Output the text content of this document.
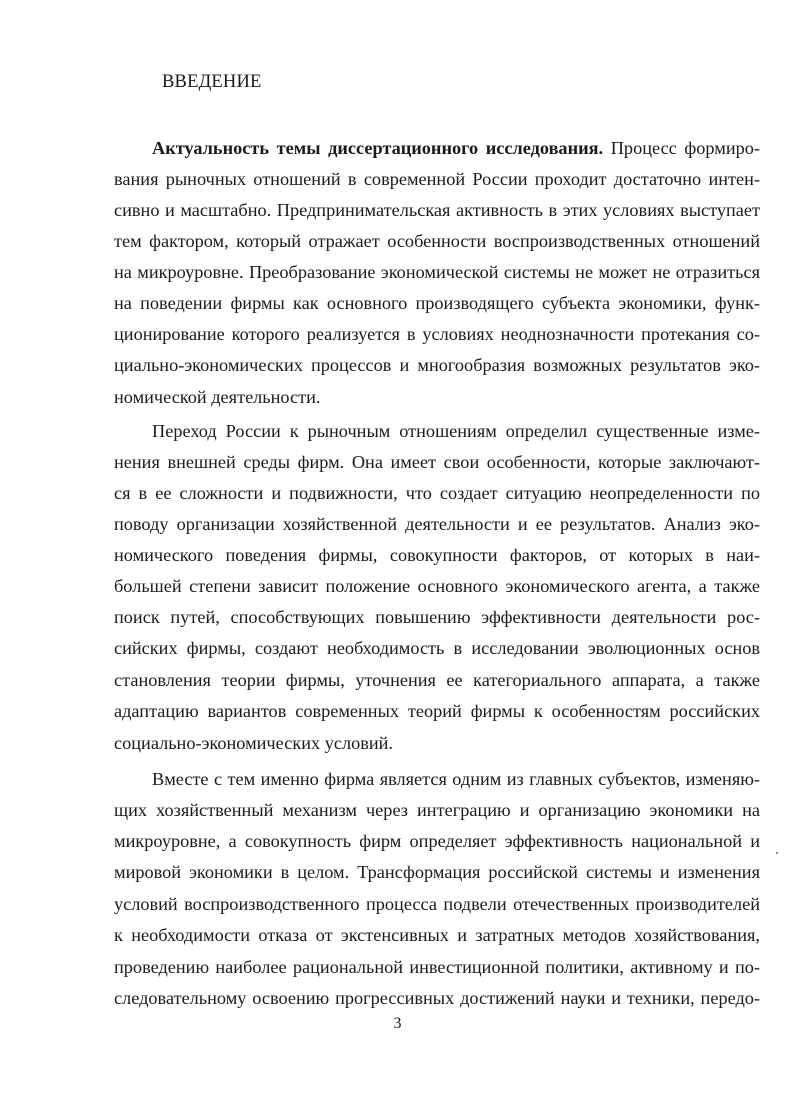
ВВЕДЕНИЕ
Актуальность темы диссертационного исследования. Процесс формиро-
вания рыночных отношений в современной России проходит достаточно интен-
сивно и масштабно. Предпринимательская активность в этих условиях выступает
тем фактором, который отражает особенности воспроизводственных отношений
на микроуровне. Преобразование экономической системы не может не отразиться
на поведении фирмы как основного производящего субъекта экономики, функ-
ционирование которого реализуется в условиях неоднозначности протекания со-
циально-экономических процессов и многообразия возможных результатов эко-
номической деятельности.
Переход России к рыночным отношениям определил существенные изме-
нения внешней среды фирм. Она имеет свои особенности, которые заключают-
ся в ее сложности и подвижности, что создает ситуацию неопределенности по
поводу организации хозяйственной деятельности и ее результатов. Анализ эко-
номического поведения фирмы, совокупности факторов, от которых в наи-
большей степени зависит положение основного экономического агента, а также
поиск путей, способствующих повышению эффективности деятельности рос-
сийских фирмы, создают необходимость в исследовании эволюционных основ
становления теории фирмы, уточнения ее категориального аппарата, а также
адаптацию вариантов современных теорий фирмы к особенностям российских
социально-экономических условий.
Вместе с тем именно фирма является одним из главных субъектов, изменяю-
щих хозяйственный механизм через интеграцию и организацию экономики на
микроуровне, а совокупность фирм определяет эффективность национальной и
мировой экономики в целом. Трансформация российской системы и изменения
условий воспроизводственного процесса подвели отечественных производителей
к необходимости отказа от экстенсивных и затратных методов хозяйствования,
проведению наиболее рациональной инвестиционной политики, активному и по-
следовательному освоению прогрессивных достижений науки и техники, передо-
3
